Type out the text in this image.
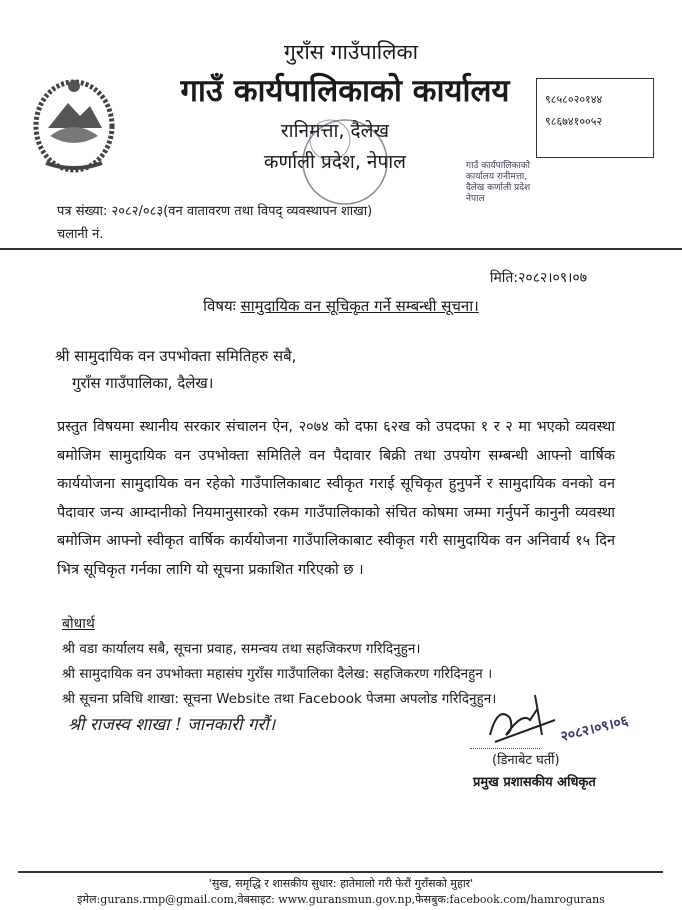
गुराँस गाउँपालिका
गाउँ कार्यपालिकाको कार्यालय
रानिमत्ता, दैलेख
कर्णाली प्रदेश, नेपाल	गाउँ कार्यपालिकाको कार्यालय रानीमत्ता, दैलेख कर्णाली प्रदेश नेपाल
९८५८०२०१४४
९८६७४१००५२
पत्र संख्या: २०८२/०८३(वन वातावरण तथा विपद् व्यवस्थापन शाखा)
चलानी नं.
मिति:२०८२।०९।०७
विषयः सामुदायिक वन सूचिकृत गर्ने सम्बन्धी सूचना।
श्री सामुदायिक वन उपभोक्ता समितिहरु सबै,
गुराँस गाउँपालिका, दैलेख।
प्रस्तुत विषयमा स्थानीय सरकार संचालन ऐन, २०७४ को दफा ६२ख को उपदफा १ र २ मा भएको व्यवस्था बमोजिम सामुदायिक वन उपभोक्ता समितिले वन पैदावार बिक्री तथा उपयोग सम्बन्धी आफ्नो वार्षिक कार्ययोजना सामुदायिक वन रहेको गाउँपालिकाबाट स्वीकृत गराई सूचिकृत हुनुपर्ने र सामुदायिक वनको वन पैदावार जन्य आम्दानीको नियमानुसारको रकम गाउँपालिकाको संचित कोषमा जम्मा गर्नुपर्ने कानुनी व्यवस्था बमोजिम आफ्नो स्वीकृत वार्षिक कार्ययोजना गाउँपालिकाबाट स्वीकृत गरी सामुदायिक वन अनिवार्य १५ दिन भित्र सूचिकृत गर्नका लागि यो सूचना प्रकाशित गरिएको छ ।
बोधार्थ
श्री वडा कार्यालय सबै, सूचना प्रवाह, समन्वय तथा सहजिकरण गरिदिनुहुन।
श्री सामुदायिक वन उपभोक्ता महासंघ गुराँस गाउँपालिका दैलेख: सहजिकरण गरिदिनहुन ।
श्री सूचना प्रविधि शाखा: सूचना Website तथा Facebook पेजमा अपलोड गरिदिनुहुन।
श्री राजस्व शाखा ! जानकारी गरौं।	२०८२।०९।०६
(डिनाबेट घर्ती)
प्रमुख प्रशासकीय अधिकृत
'सुख, समृद्धि र शासकीय सुधार: हातेमालो गरी फेरौं गुराँसको मुहार'
इमेल:gurans.rmp@gmail.com,वेबसाइट: www.guransmun.gov.np,फेसबुक:facebook.com/hamrogurans
